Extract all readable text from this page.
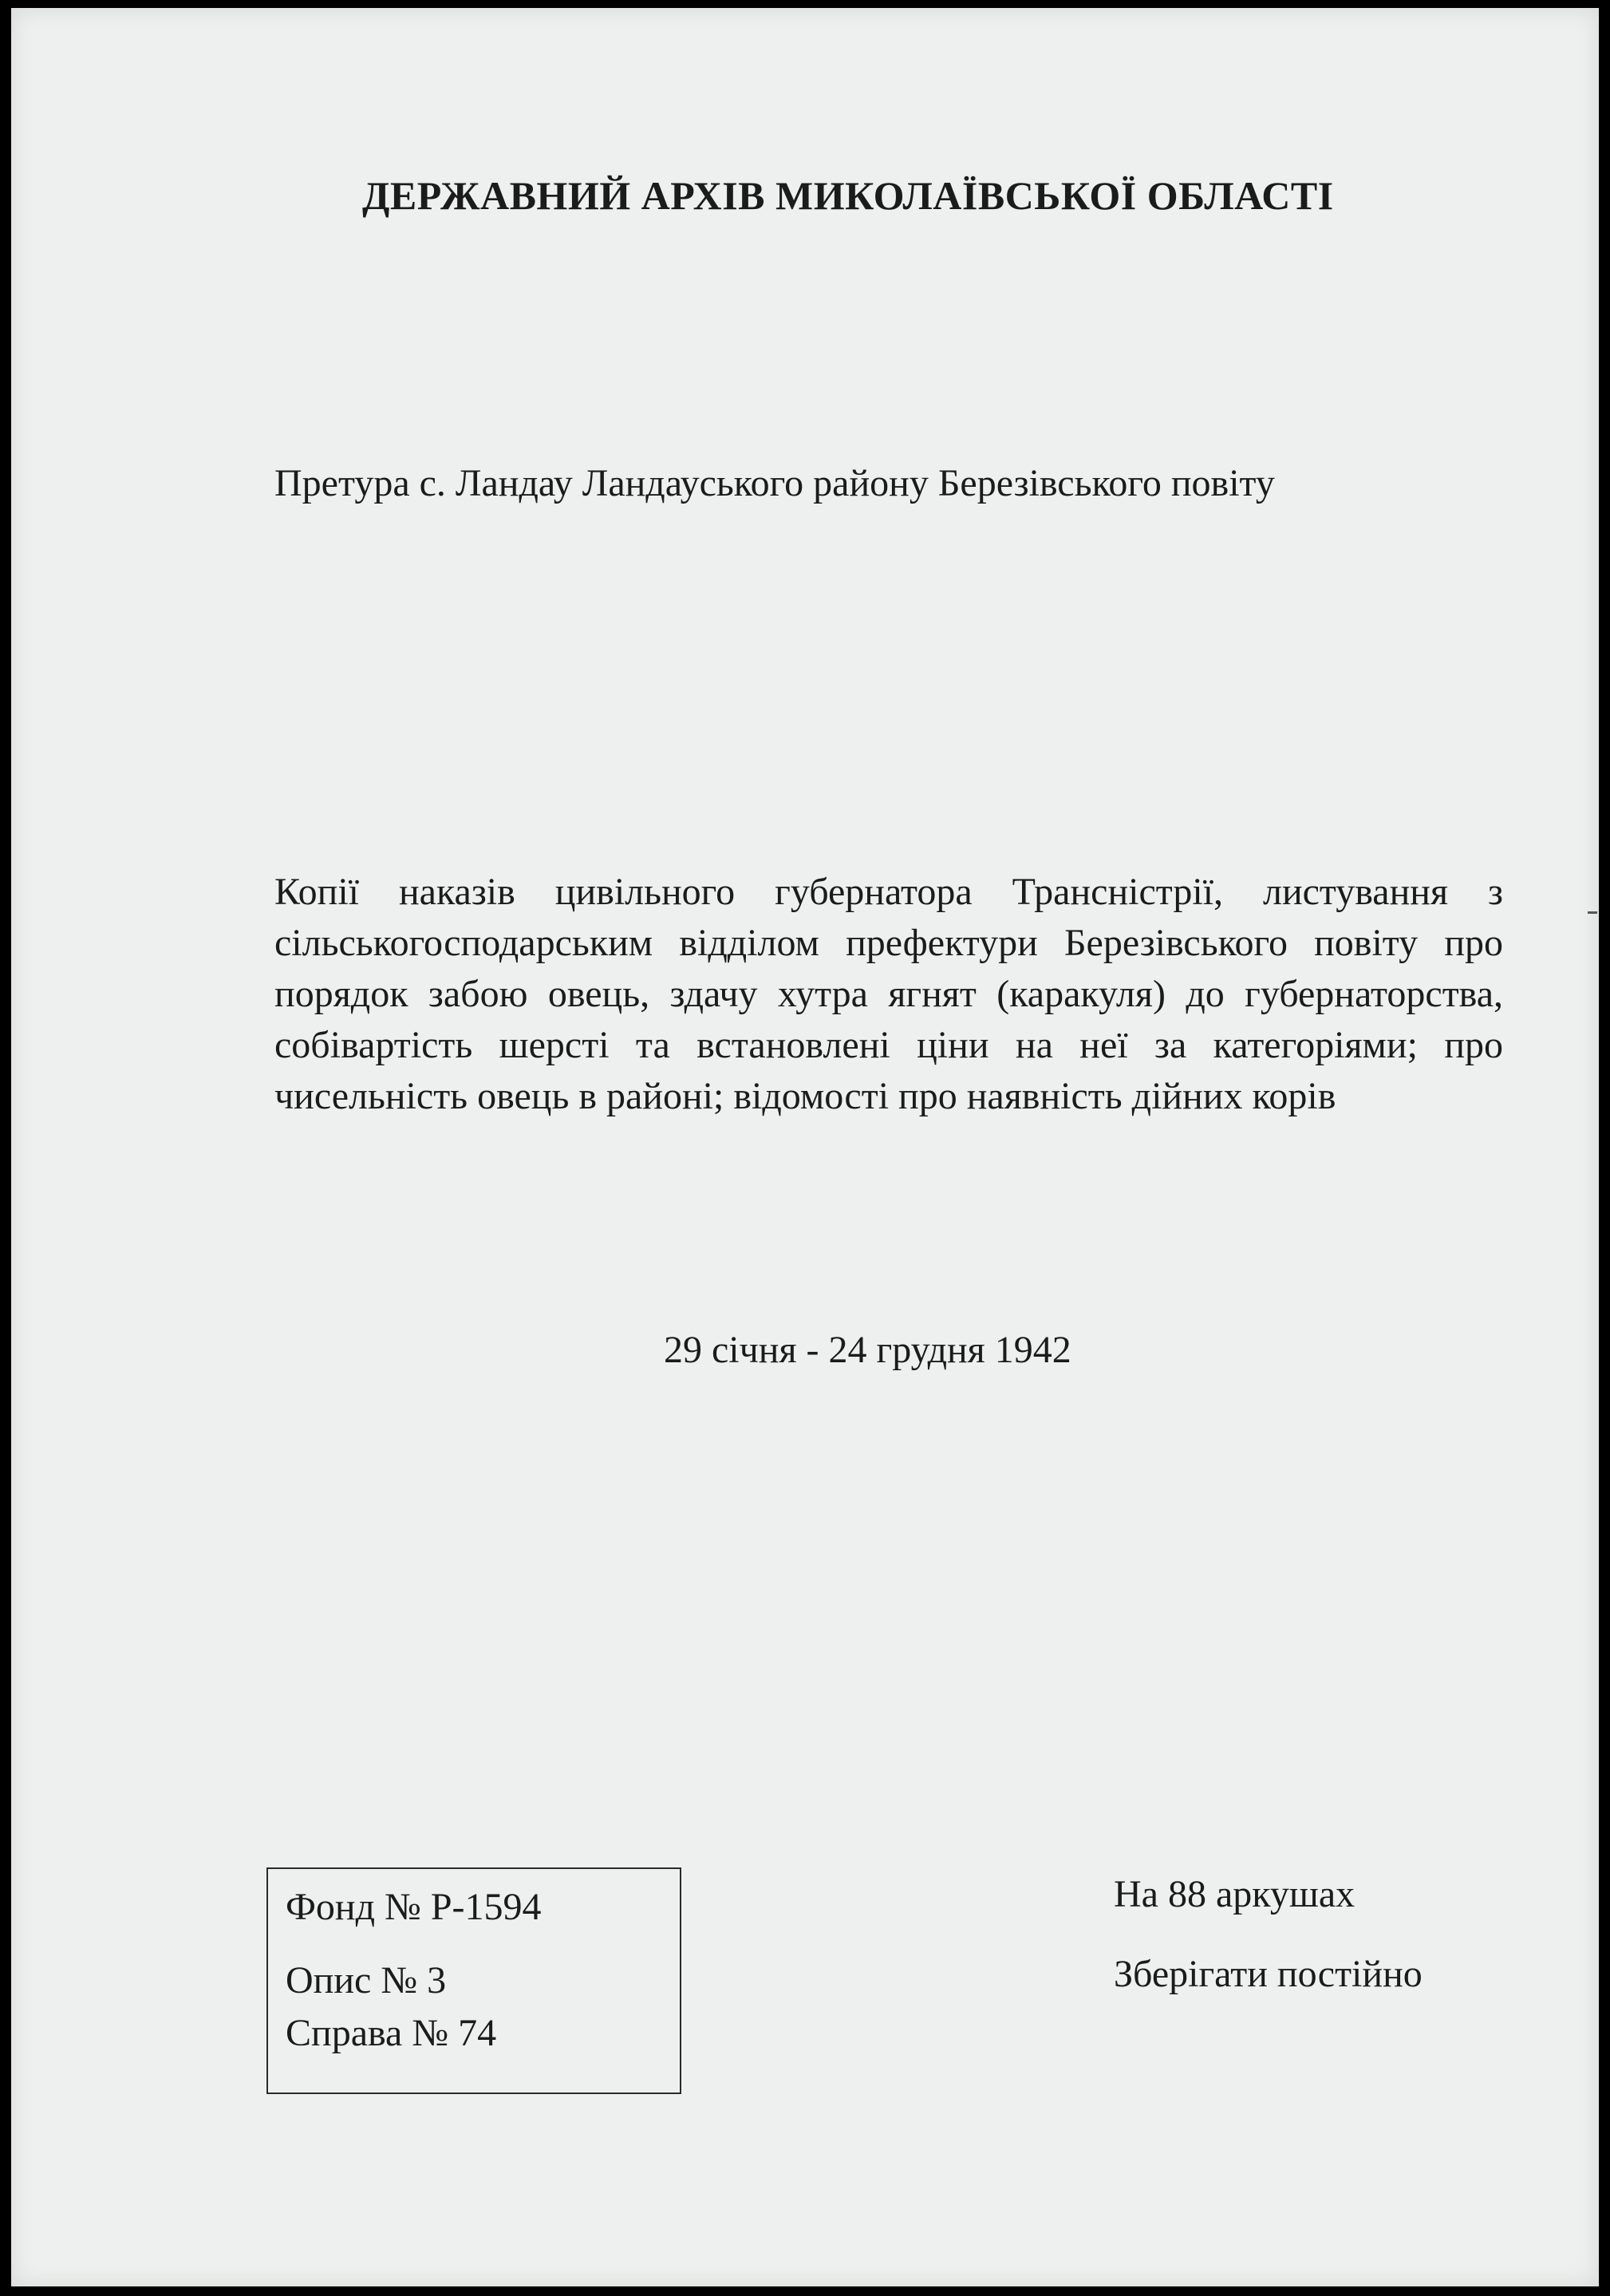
ДЕРЖАВНИЙ АРХІВ МИКОЛАЇВСЬКОЇ ОБЛАСТІ
Претура с. Ландау Ландауського району Березівського повіту
Копії наказів цивільного губернатора Трансністрії, листування з сільськогосподарським відділом префектури Березівського повіту про порядок забою овець, здачу хутра ягнят (каракуля) до губернаторства, собівартість шерсті та встановлені ціни на неї за категоріями; про чисельність овець в районі; відомості про наявність дійних корів
29 січня - 24 грудня 1942
Фонд № Р-1594
Опис № 3
Справа № 74
На 88 аркушах
Зберігати постійно
